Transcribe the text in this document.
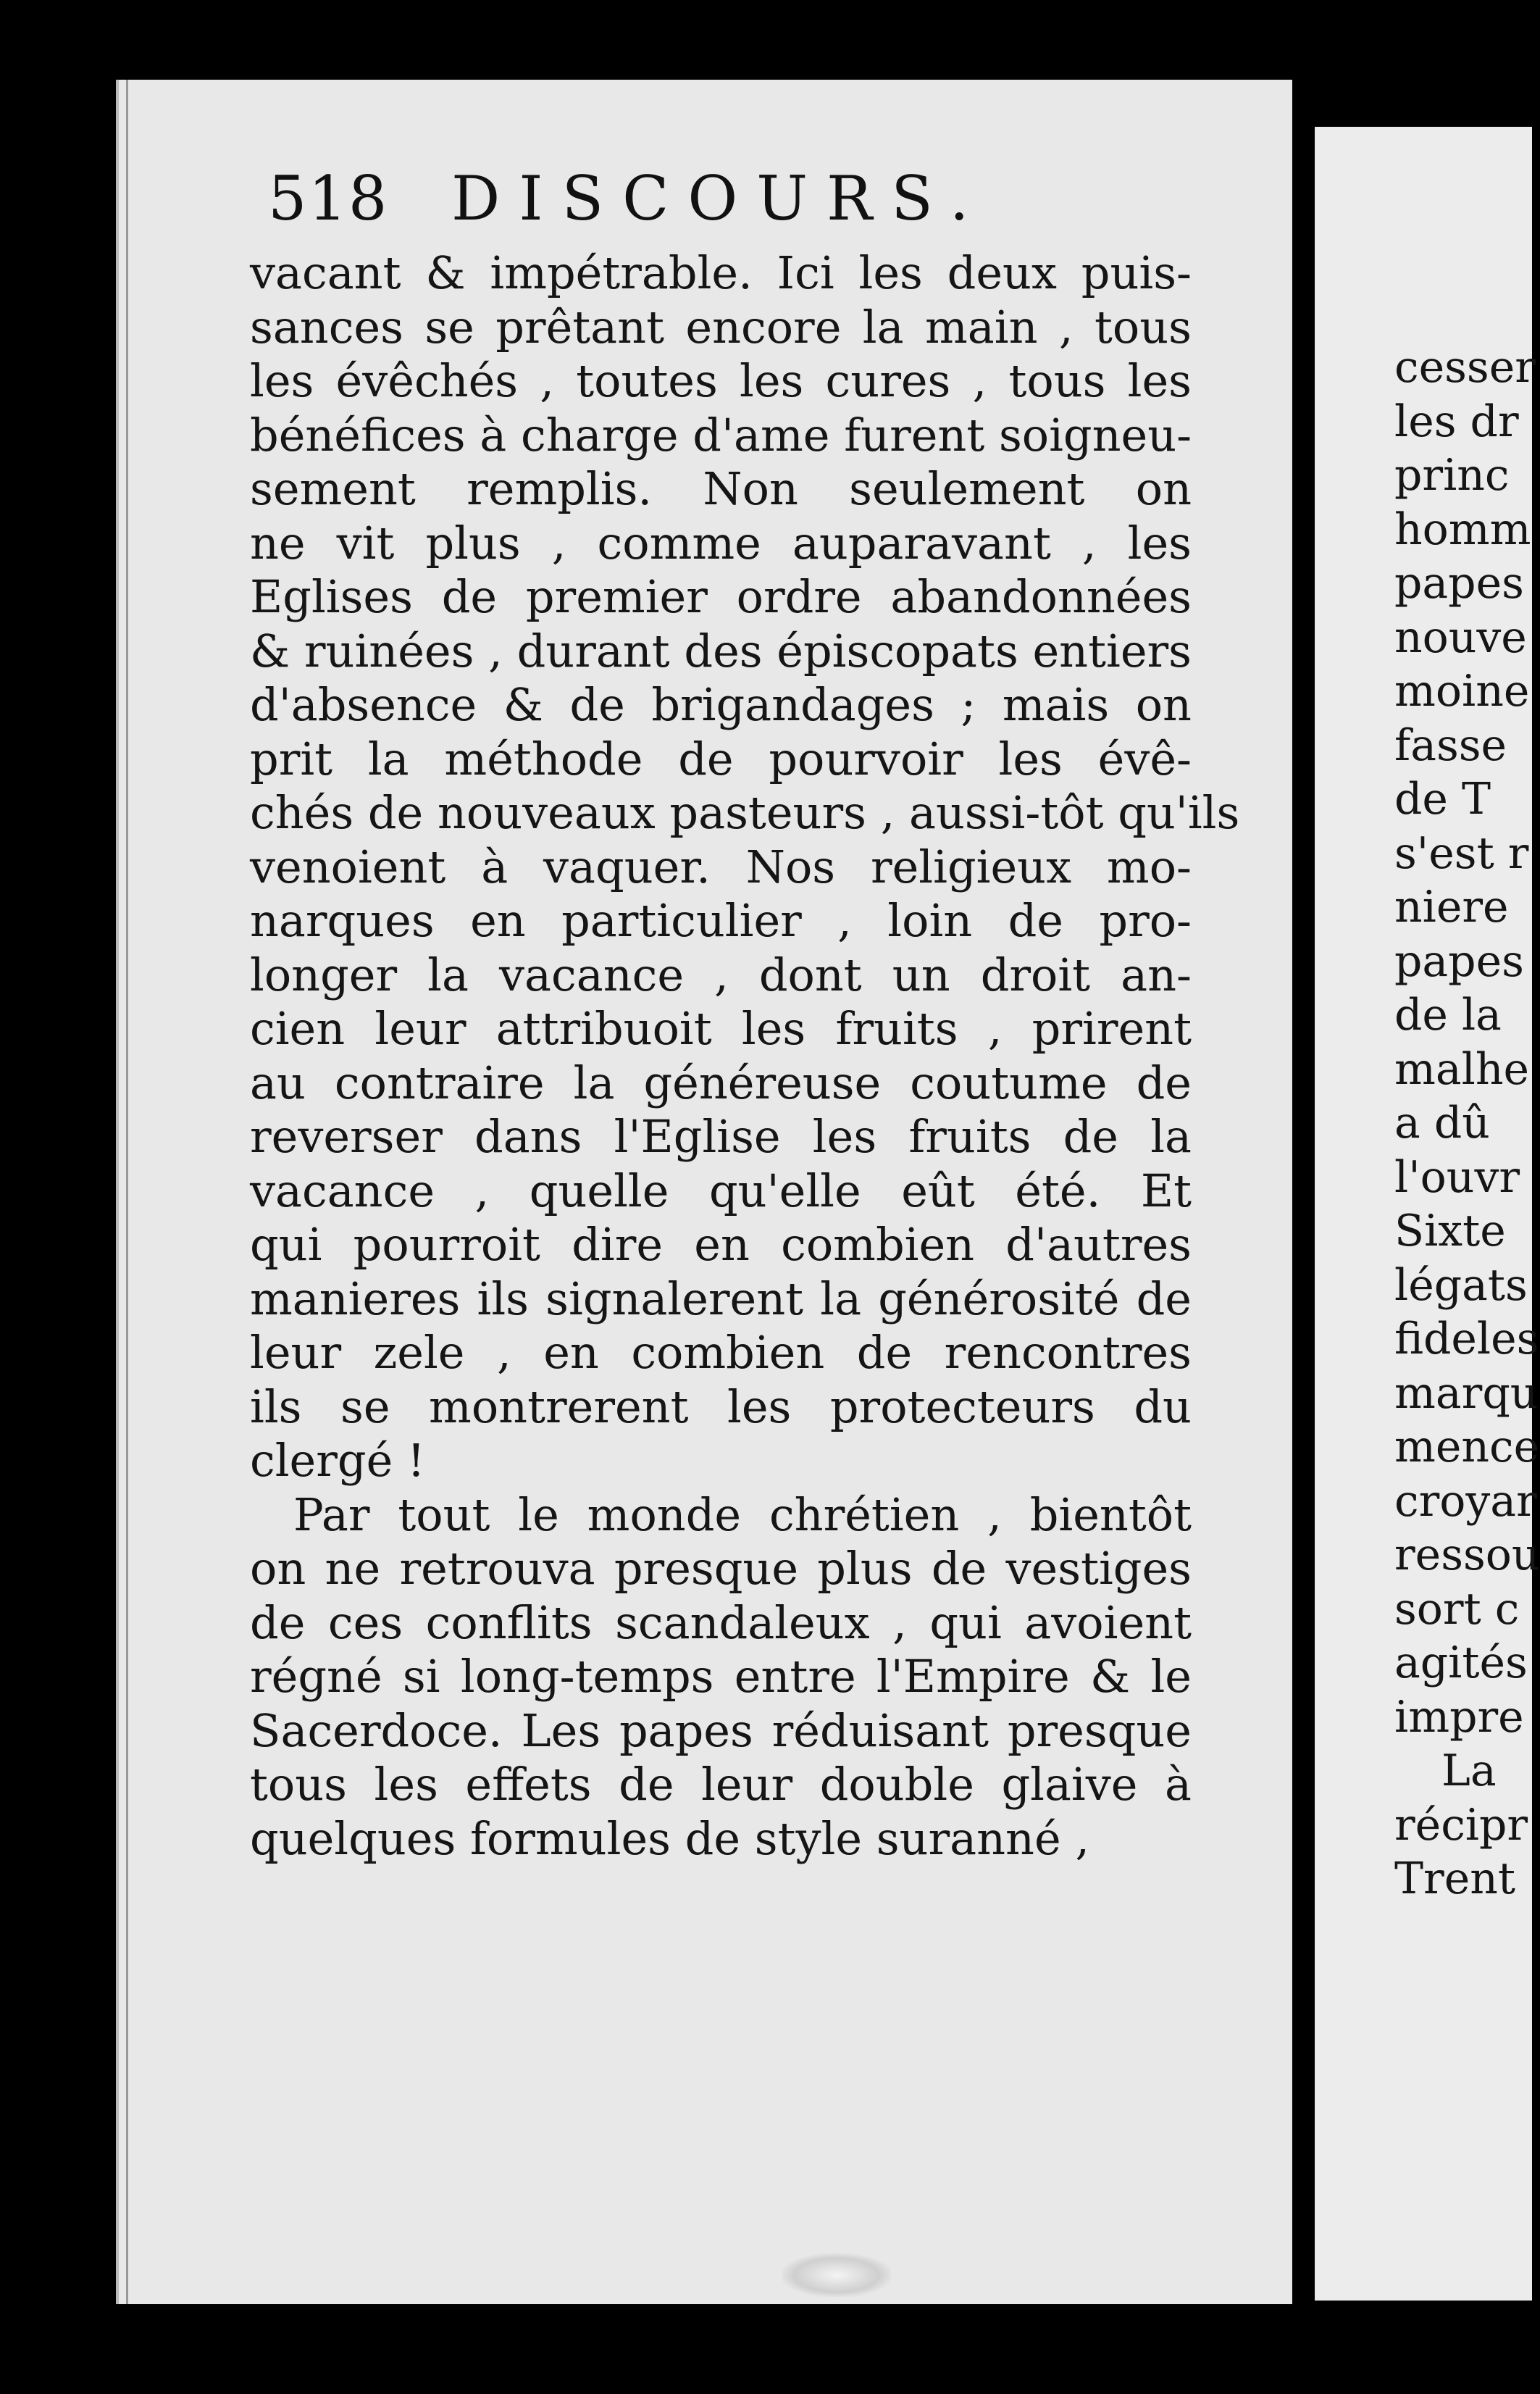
518 DISCOURS.
vacant & impétrable. Ici les deux puis-
sances se prêtant encore la main , tous
les évêchés , toutes les cures , tous les
bénéfices à charge d'ame furent soigneu-
sement remplis. Non seulement on
ne vit plus , comme auparavant , les
Eglises de premier ordre abandonnées
& ruinées , durant des épiscopats entiers
d'absence & de brigandages ; mais on
prit la méthode de pourvoir les évê-
chés de nouveaux pasteurs , aussi-tôt qu'ils
venoient à vaquer. Nos religieux mo-
narques en particulier , loin de pro-
longer la vacance , dont un droit an-
cien leur attribuoit les fruits , prirent
au contraire la généreuse coutume de
reverser dans l'Eglise les fruits de la
vacance , quelle qu'elle eût été. Et
qui pourroit dire en combien d'autres
manieres ils signalerent la générosité de
leur zele , en combien de rencontres
ils se montrerent les protecteurs du
clergé !
Par tout le monde chrétien , bientôt
on ne retrouva presque plus de vestiges
de ces conflits scandaleux , qui avoient
régné si long-temps entre l'Empire & le
Sacerdoce. Les papes réduisant presque
tous les effets de leur double glaive à
quelques formules de style suranné ,
cesser
les dr
princ
homm
papes
nouve
moine
fasse
de T
s'est r
niere
papes
de la
malhe
a dû
l'ouvr
Sixte
légats
fideles
marqu
mence
croyar
ressou
sort c
agités
impre
La
récipr
Trent
